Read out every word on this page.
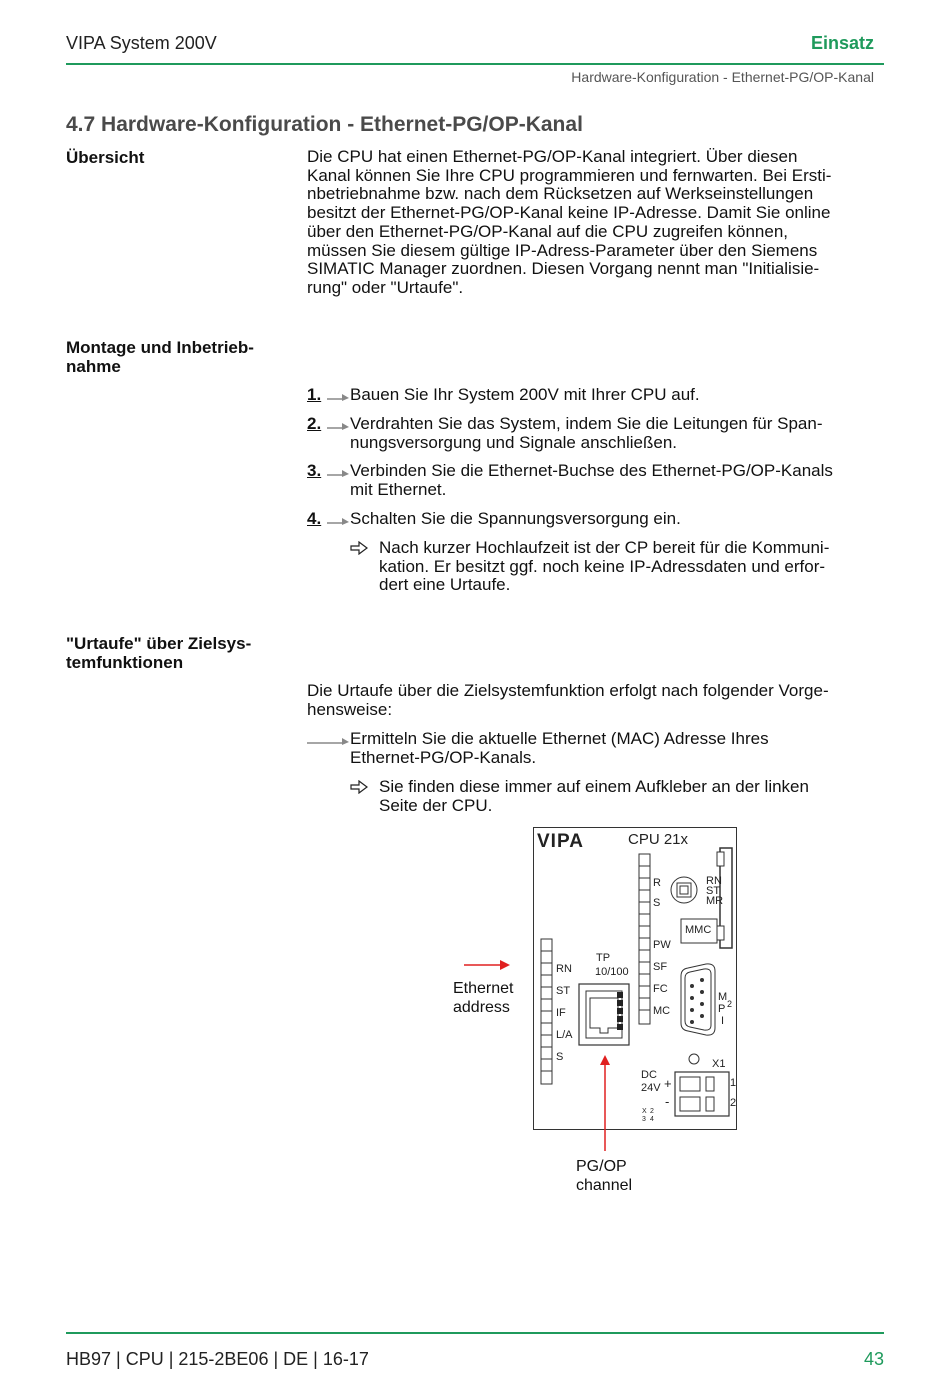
VIPA System 200V	Einsatz
Hardware-Konfiguration - Ethernet-PG/OP-Kanal
4.7 Hardware-Konfiguration - Ethernet-PG/OP-Kanal
Übersicht	Die CPU hat einen Ethernet-PG/OP-Kanal integriert. Über diesen
Kanal können Sie Ihre CPU programmieren und fernwarten. Bei Ersti-
nbetriebnahme bzw. nach dem Rücksetzen auf Werkseinstellungen
besitzt der Ethernet-PG/OP-Kanal keine IP-Adresse. Damit Sie online
über den Ethernet-PG/OP-Kanal auf die CPU zugreifen können,
müssen Sie diesem gültige IP-Adress-Parameter über den Siemens
SIMATIC Manager zuordnen. Diesen Vorgang nennt man "Initialisie-
rung" oder "Urtaufe".
Montage und Inbetrieb-
nahme
1. Bauen Sie Ihr System 200V mit Ihrer CPU auf.
2. Verdrahten Sie das System, indem Sie die Leitungen für Span-
nungsversorgung und Signale anschließen.
3. Verbinden Sie die Ethernet-Buchse des Ethernet-PG/OP-Kanals
mit Ethernet.
4. Schalten Sie die Spannungsversorgung ein.
Nach kurzer Hochlaufzeit ist der CP bereit für die Kommuni-
kation. Er besitzt ggf. noch keine IP-Adressdaten und erfor-
dert eine Urtaufe.
"Urtaufe" über Zielsys-
temfunktionen
Die Urtaufe über die Zielsystemfunktion erfolgt nach folgender Vorge-
hensweise:
Ermitteln Sie die aktuelle Ethernet (MAC) Adresse Ihres
Ethernet-PG/OP-Kanals.
Sie finden diese immer auf einem Aufkleber an der linken
Seite der CPU.
VIPA	CPU 21x
RN
ST
MR
R
S
MMC
RN
ST
IF
L/A
S
TP
10/100
PW
SF
FC
MC
M
P 2
I
X1
DC
24V +
-
1
2
X 2
3 4
Ethernet
address
PG/OP
channel
HB97 | CPU | 215-2BE06 | DE | 16-17	43
